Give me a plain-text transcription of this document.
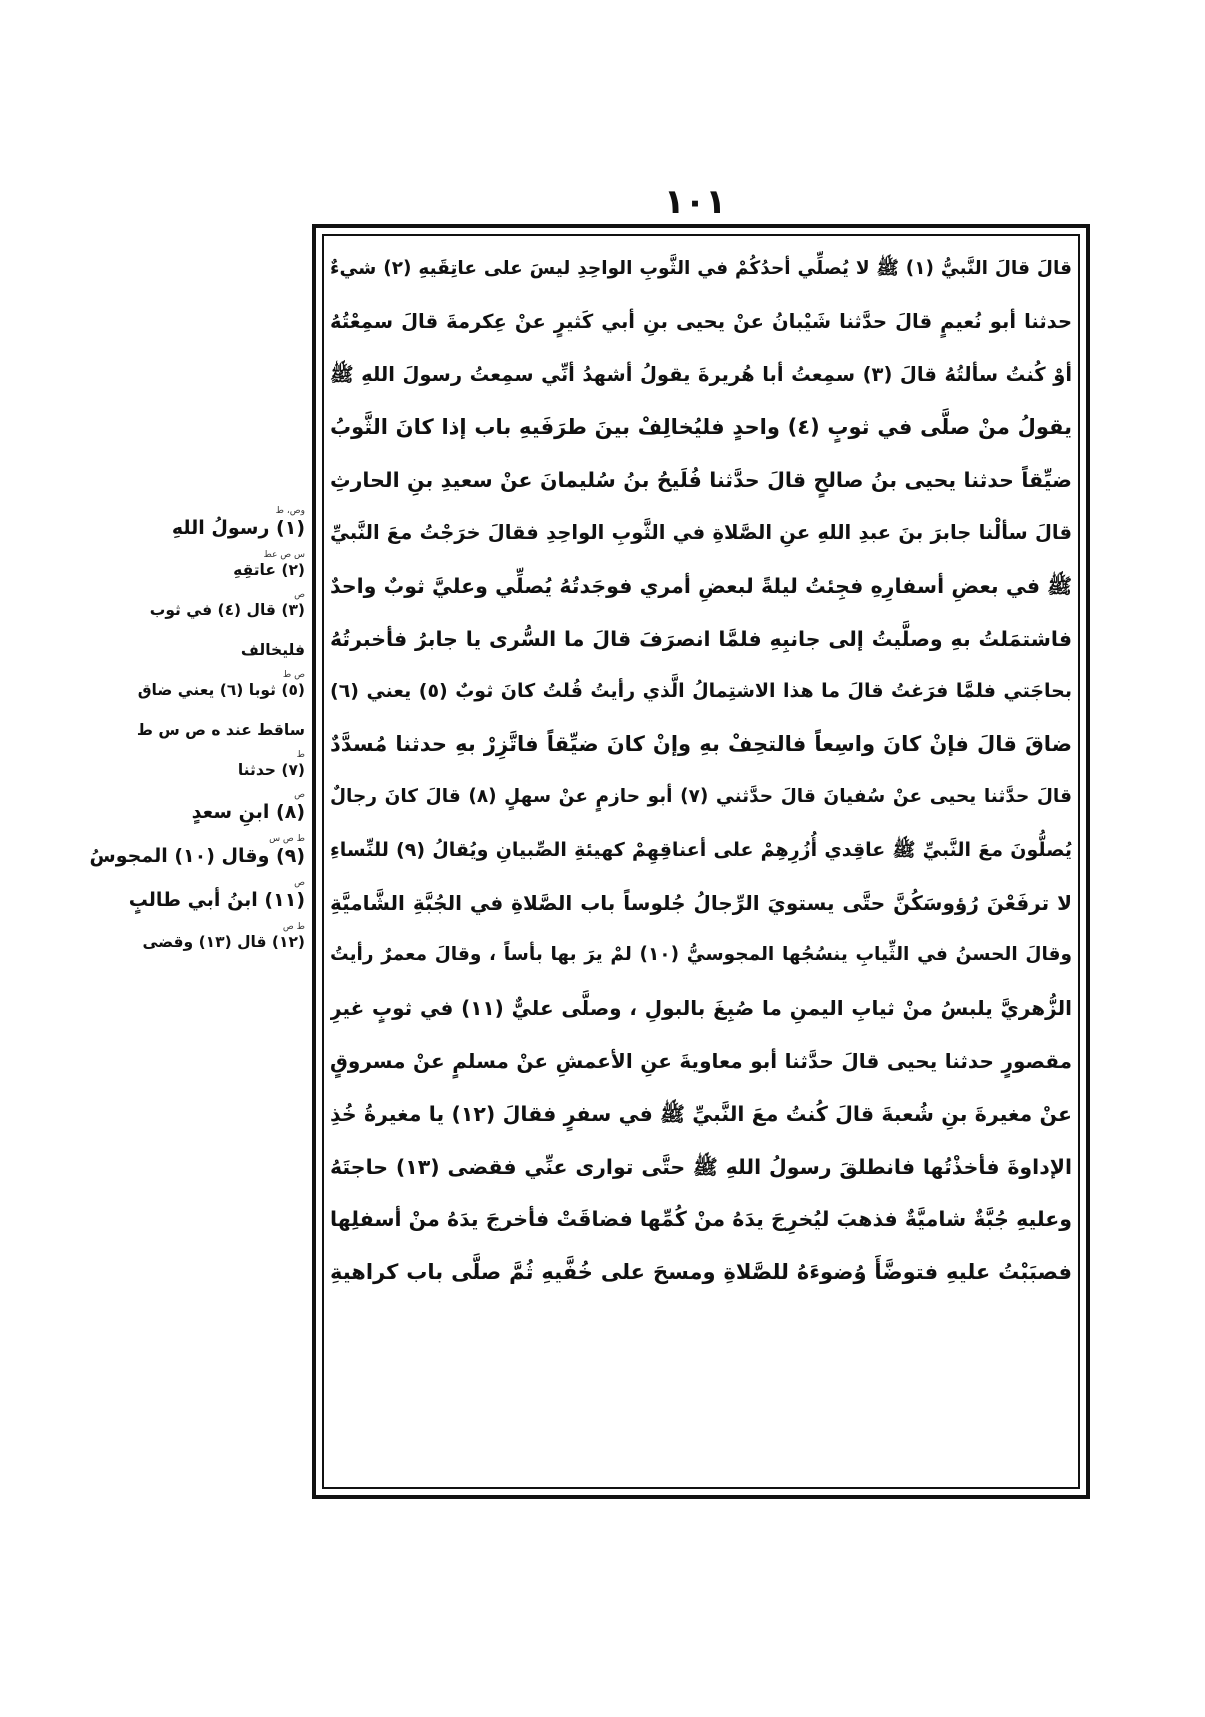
١٠١
قالَ قالَ النَّبيُّ (١) ﷺ لا يُصلِّي أحدُكُمْ في الثَّوبِ الواحِدِ ليسَ على عاتِقَيهِ (٢) شيءٌ
حدثنا أبو نُعيمٍ قالَ حدَّثنا شَيْبانُ عنْ يحيى بنِ أبي كَثيرٍ عنْ عِكرمةَ قالَ سمِعْتُهُ
أوْ كُنتُ سألتُهُ قالَ (٣) سمِعتُ أبا هُريرةَ يقولُ أشهدُ أنِّي سمِعتُ رسولَ اللهِ ﷺ
يقولُ منْ صلَّى في ثوبٍ (٤) واحدٍ فليُخالِفْ بينَ طرَفَيهِ باب إذا كانَ الثَّوبُ
ضيِّقاً حدثنا يحيى بنُ صالحٍ قالَ حدَّثنا فُلَيحُ بنُ سُليمانَ عنْ سعيدِ بنِ الحارثِ
قالَ سألْنا جابرَ بنَ عبدِ اللهِ عنِ الصَّلاةِ في الثَّوبِ الواحِدِ فقالَ خرَجْتُ معَ النَّبيِّ
ﷺ في بعضِ أسفارِهِ فجِئتُ ليلةً لبعضِ أمري فوجَدتُهُ يُصلِّي وعليَّ ثوبٌ واحدٌ
فاشتمَلتُ بهِ وصلَّيتُ إلى جانبِهِ فلمَّا انصرَفَ قالَ ما السُّرى يا جابرُ فأخبرتُهُ
بحاجَتي فلمَّا فرَغتُ قالَ ما هذا الاشتِمالُ الَّذي رأيتُ قُلتُ كانَ ثوبٌ (٥) يعني (٦)
ضاقَ قالَ فإنْ كانَ واسِعاً فالتحِفْ بهِ وإنْ كانَ ضيِّقاً فاتَّزِرْ بهِ حدثنا مُسدَّدٌ
قالَ حدَّثنا يحيى عنْ سُفيانَ قالَ حدَّثني (٧) أبو حازمٍ عنْ سهلٍ (٨) قالَ كانَ رجالٌ
يُصلُّونَ معَ النَّبيِّ ﷺ عاقِدي أُزُرِهِمْ على أعناقِهِمْ كهيئةِ الصِّبيانِ ويُقالُ (٩) للنِّساءِ
لا ترفَعْنَ رُؤوسَكُنَّ حتَّى يستويَ الرِّجالُ جُلوساً باب الصَّلاةِ في الجُبَّةِ الشَّاميَّةِ
وقالَ الحسنُ في الثِّيابِ ينسُجُها المجوسيُّ (١٠) لمْ يرَ بها بأساً ، وقالَ معمرٌ رأيتُ
الزُّهريَّ يلبسُ منْ ثيابِ اليمنِ ما صُبِغَ بالبولِ ، وصلَّى عليٌّ (١١) في ثوبٍ غيرِ
مقصورٍ حدثنا يحيى قالَ حدَّثنا أبو معاويةَ عنِ الأعمشِ عنْ مسلمٍ عنْ مسروقٍ
عنْ مغيرةَ بنِ شُعبةَ قالَ كُنتُ معَ النَّبيِّ ﷺ في سفرٍ فقالَ (١٢) يا مغيرةُ خُذِ
الإداوةَ فأخذْتُها فانطلقَ رسولُ اللهِ ﷺ حتَّى توارى عنِّي فقضى (١٣) حاجتَهُ
وعليهِ جُبَّةٌ شاميَّةٌ فذهبَ ليُخرِجَ يدَهُ منْ كُمِّها فضاقَتْ فأخرجَ يدَهُ منْ أسفلِها
فصبَبْتُ عليهِ فتوضَّأَ وُضوءَهُ للصَّلاةِ ومسحَ على خُفَّيهِ ثُمَّ صلَّى باب كراهيةِ
وص، ط
(١) رسولُ اللهِ
س ص عط
(٢) عاتقِهِ
ص
(٣) قال (٤) في ثوب
فليخالف
ص ط
(٥) ثوبا (٦) يعني ضاق
ساقط عند ه ص س ط
ط
(٧) حدثنا
ص
(٨) ابنِ سعدٍ
ط ص س
(٩) وقال (١٠) المجوسُ
ص
(١١) ابنُ أبي طالبٍ
ط ص
(١٢) قال (١٣) وقضى
